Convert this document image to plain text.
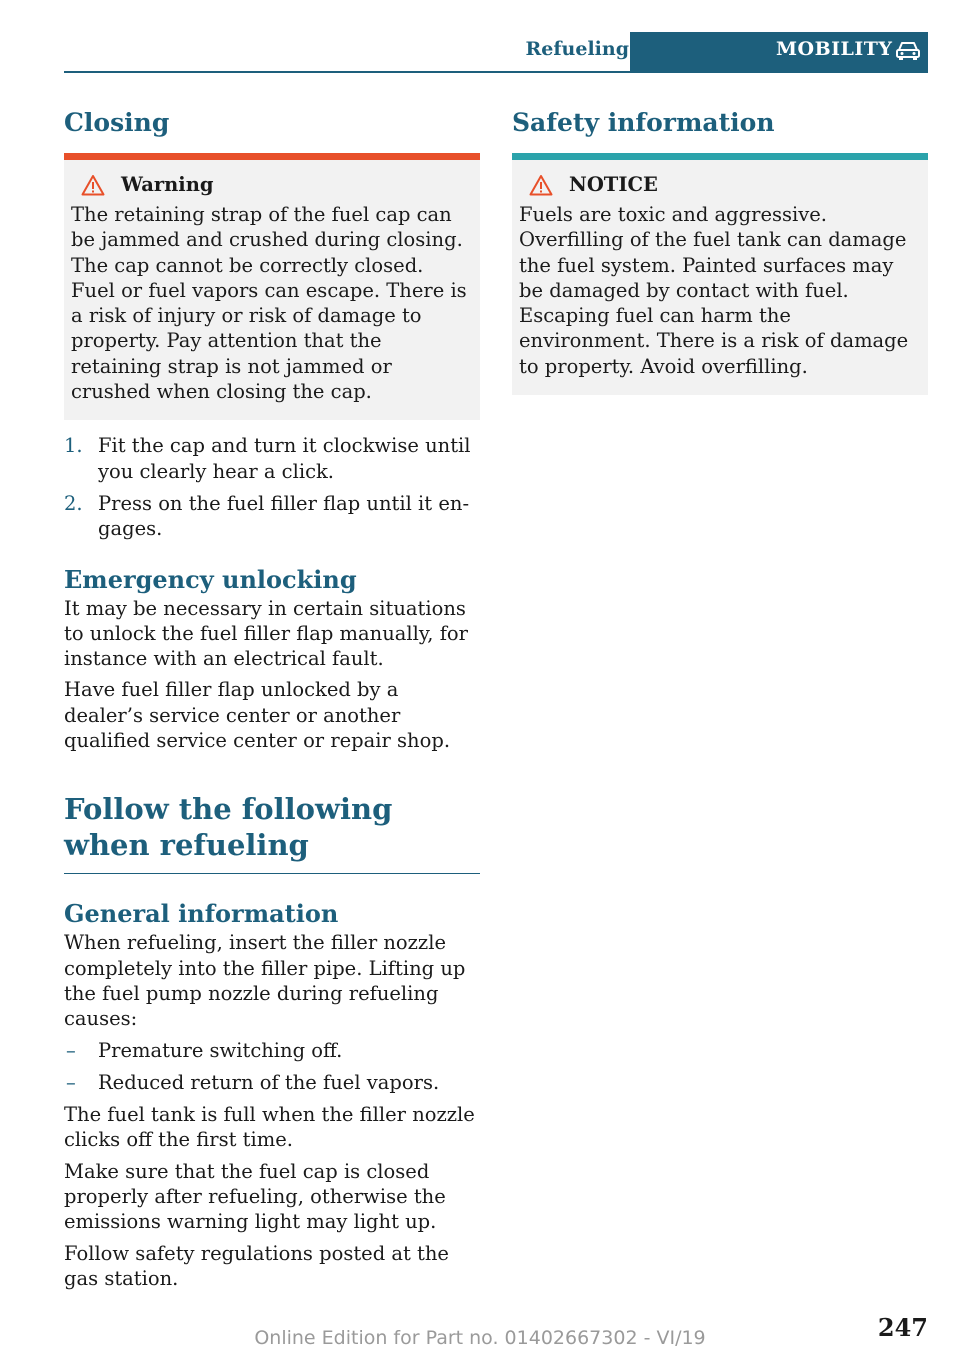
Refueling	MOBILITY
Closing
Warning

The retaining strap of the fuel cap can be jammed and crushed during closing. The cap cannot be correctly closed. Fuel or fuel vapors can escape. There is a risk of injury or risk of damage to property. Pay attention that the retaining strap is not jammed or crushed when closing the cap.

1. Fit the cap and turn it clockwise until you clearly hear a click.
2. Press on the fuel filler flap until it engages.
Emergency unlocking

It may be necessary in certain situations to unlock the fuel filler flap manually, for instance with an electrical fault.

Have fuel filler flap unlocked by a dealer’s service center or another qualified service center or repair shop.

Follow the following when refueling
General information

When refueling, insert the filler nozzle completely into the filler pipe. Lifting up the fuel pump nozzle during refueling causes:

– Premature switching off.
– Reduced return of the fuel vapors.

The fuel tank is full when the filler nozzle clicks off the first time.

Make sure that the fuel cap is closed properly after refueling, otherwise the emissions warning light may light up.

Follow safety regulations posted at the gas station.

Safety information
NOTICE

Fuels are toxic and aggressive. Overfilling of the fuel tank can damage the fuel system. Painted surfaces may be damaged by contact with fuel. Escaping fuel can harm the environment. There is a risk of damage to property. Avoid overfilling.

247
Online Edition for Part no. 01402667302 - VI/19
